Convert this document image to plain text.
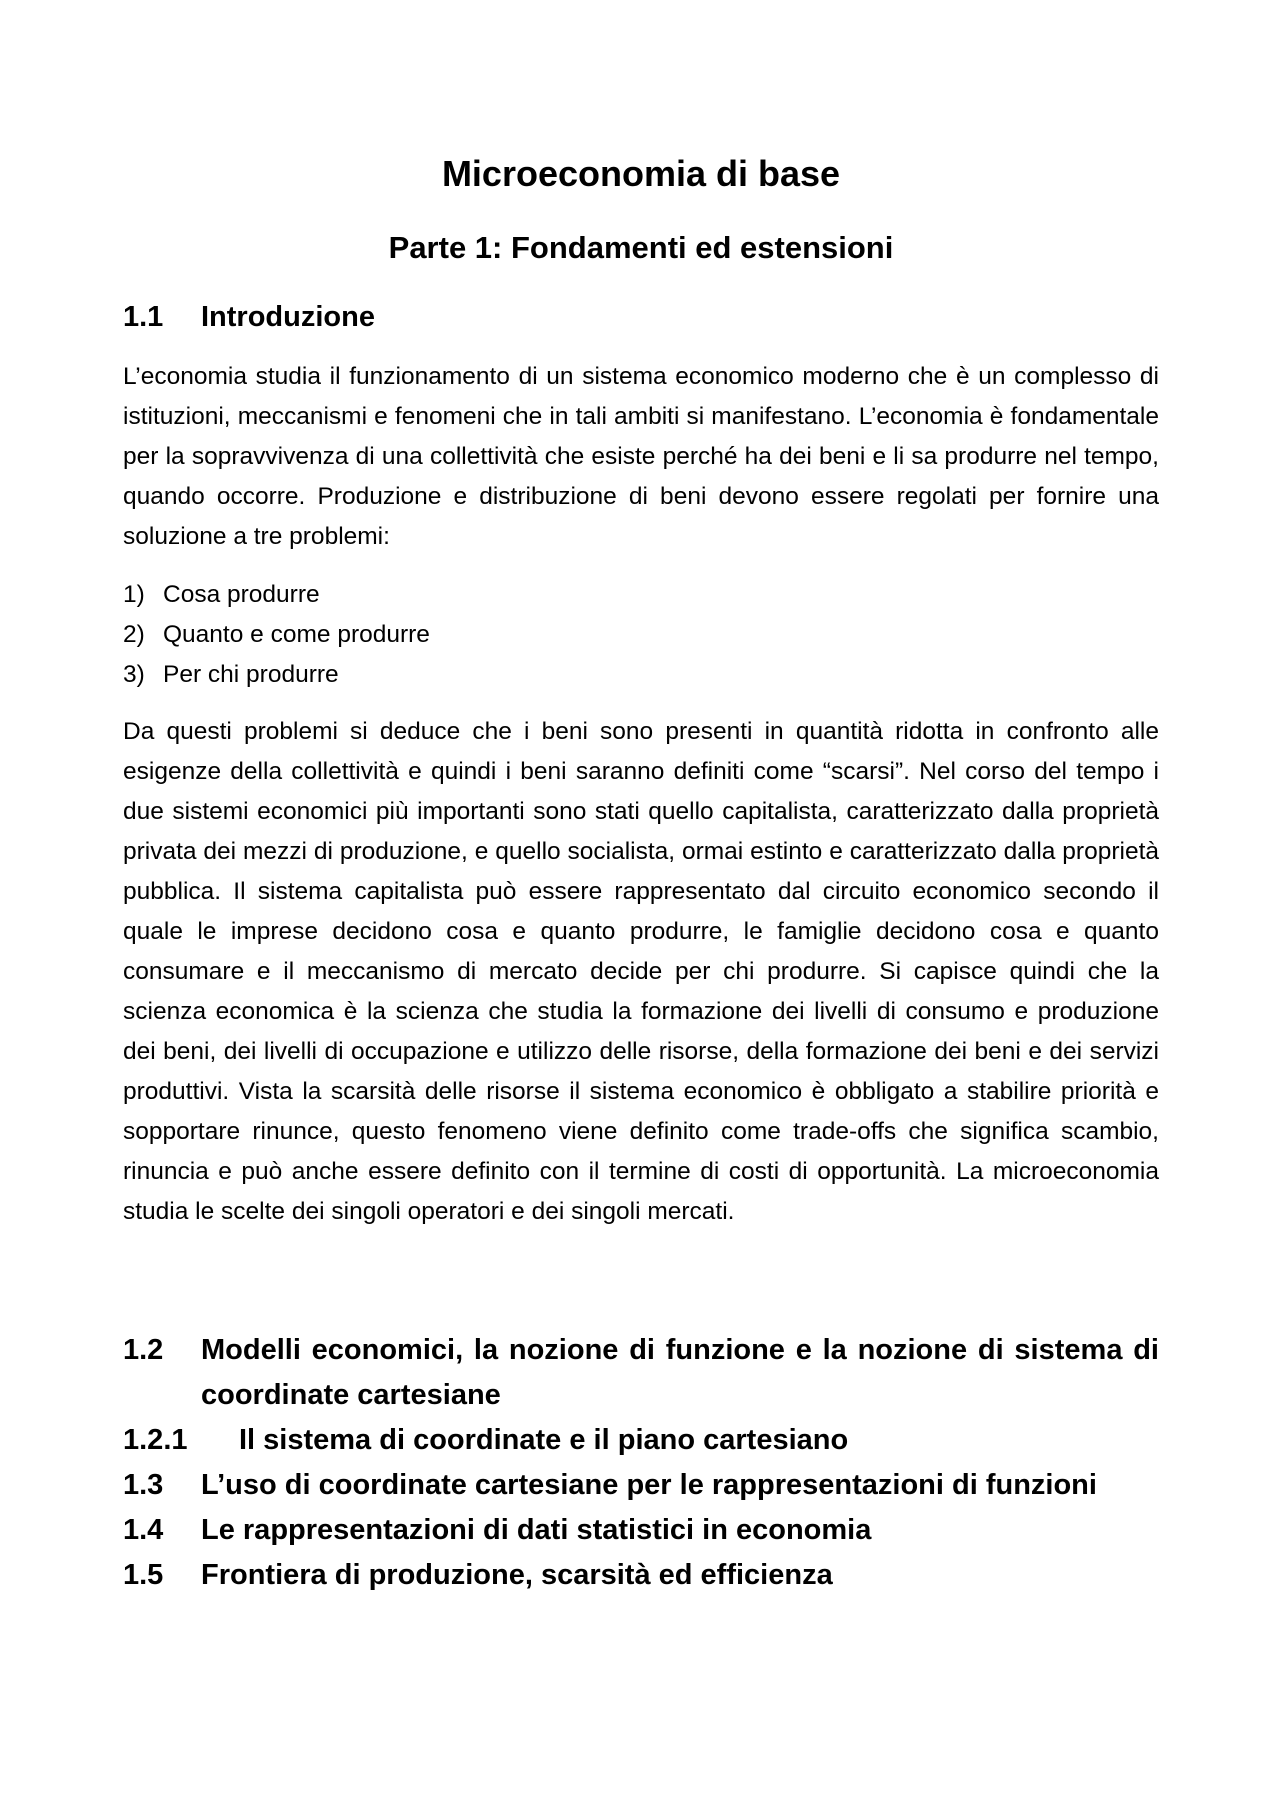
Microeconomia di base
Parte 1: Fondamenti ed estensioni
1.1 Introduzione

L’economia studia il funzionamento di un sistema economico moderno che è un complesso di istituzioni, meccanismi e fenomeni che in tali ambiti si manifestano. L’economia è fondamentale per la sopravvivenza di una collettività che esiste perché ha dei beni e li sa produrre nel tempo, quando occorre. Produzione e distribuzione di beni devono essere regolati per fornire una soluzione a tre problemi:

1) Cosa produrre
2) Quanto e come produrre
3) Per chi produrre

Da questi problemi si deduce che i beni sono presenti in quantità ridotta in confronto alle esigenze della collettività e quindi i beni saranno definiti come “scarsi”. Nel corso del tempo i due sistemi economici più importanti sono stati quello capitalista, caratterizzato dalla proprietà privata dei mezzi di produzione, e quello socialista, ormai estinto e caratterizzato dalla proprietà pubblica. Il sistema capitalista può essere rappresentato dal circuito economico secondo il quale le imprese decidono cosa e quanto produrre, le famiglie decidono cosa e quanto consumare e il meccanismo di mercato decide per chi produrre. Si capisce quindi che la scienza economica è la scienza che studia la formazione dei livelli di consumo e produzione dei beni, dei livelli di occupazione e utilizzo delle risorse, della formazione dei beni e dei servizi produttivi. Vista la scarsità delle risorse il sistema economico è obbligato a stabilire priorità e sopportare rinunce, questo fenomeno viene definito come trade-offs che significa scambio, rinuncia e può anche essere definito con il termine di costi di opportunità. La microeconomia studia le scelte dei singoli operatori e dei singoli mercati.

1.2	Modelli economici, la nozione di funzione e la nozione di sistema di coordinate cartesiane
1.2.1 Il sistema di coordinate e il piano cartesiano
1.3 L’uso di coordinate cartesiane per le rappresentazioni di funzioni
1.4 Le rappresentazioni di dati statistici in economia
1.5 Frontiera di produzione, scarsità ed efficienza
